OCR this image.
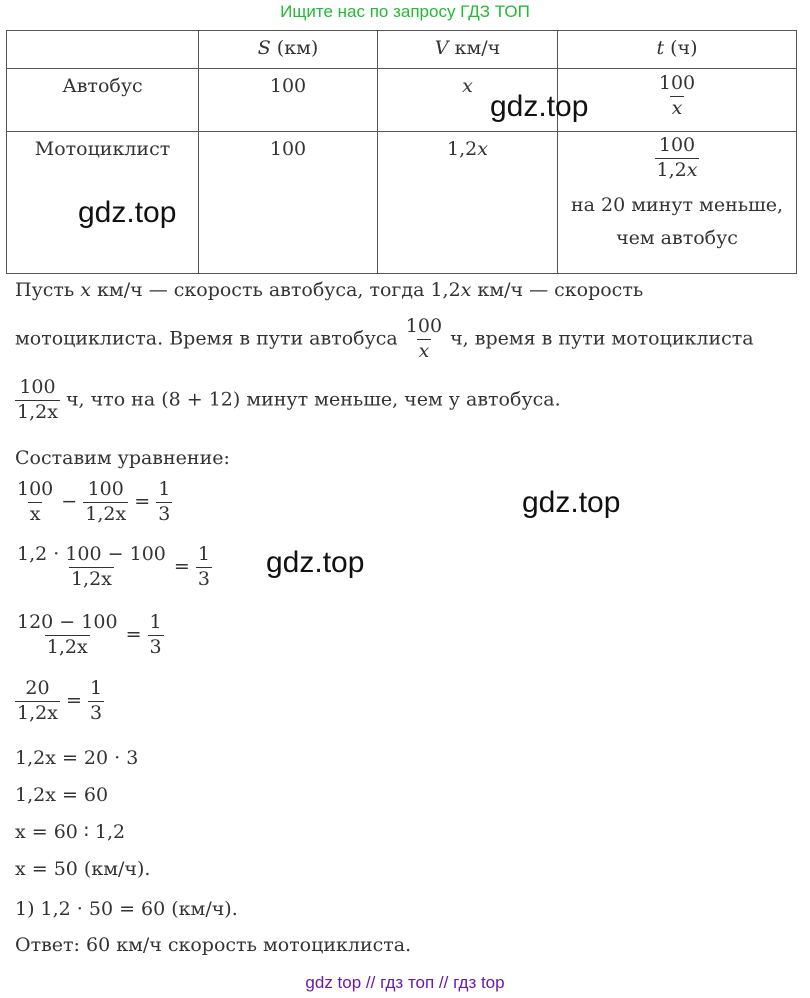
Ищите нас по запросу ГДЗ ТОП

	S (км)	V км/ч	t (ч)

Автобус	100	x	$\frac{100}{x}$

Мотоциклист	100	1,2x	$\frac{100}{1,2x}$
на 20 минут меньше,
чем автобус
gdz.top
gdz.top
gdz.top
gdz.top
Пусть x км/ч — скорость автобуса, тогда 1,2x км/ч — скорость
мотоциклиста. Время в пути автобуса $\frac{100}{x} ч$, время в пути мотоциклиста
$\frac{100}{1,2x} ч$, что на (8 + 12) минут меньше, чем у автобуса.
Составим уравнение:
$\frac{100}{x} - \frac{100}{1,2x} = \frac{1}{3}$
$\frac{1,2 \cdot 100 - 100}{1,2x} = \frac{1}{3}$
$\frac{120 - 100}{1,2x} = \frac{1}{3}$
$\frac{20}{1,2x} = \frac{1}{3}$
1,2x = 20 · 3
1,2x = 60
x = 60 ∶ 1,2
x = 50 (км/ч).
1) 1,2 · 50 = 60 (км/ч).
Ответ: 60 км/ч скорость мотоциклиста.
gdz top // гдз топ // гдз top
